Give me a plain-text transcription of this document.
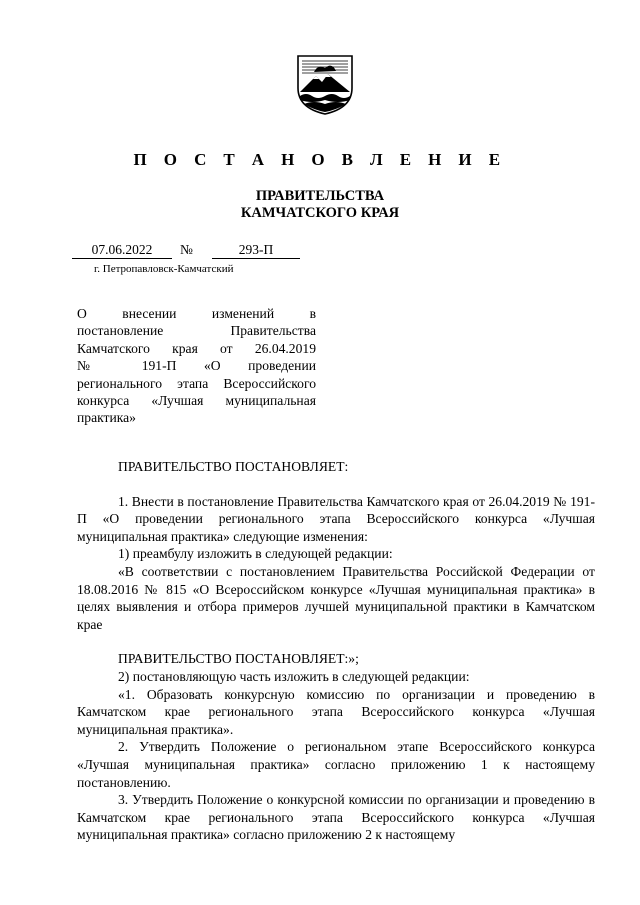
П О С Т А Н О В Л Е Н И Е
ПРАВИТЕЛЬСТВА
КАМЧАТСКОГО КРАЯ
07.06.2022	№	293-П
г. Петропавловск-Камчатский
О внесении изменений в
постановление Правительства
Камчатского края от 26.04.2019
№ 191-П «О проведении
регионального этапа Всероссийского
конкурса «Лучшая муниципальная
практика»

ПРАВИТЕЛЬСТВО ПОСТАНОВЛЯЕТ:

1. Внести в постановление Правительства Камчатского края от 26.04.2019 № 191-П «О проведении регионального этапа Всероссийского конкурса «Лучшая муниципальная практика» следующие изменения:

1) преамбулу изложить в следующей редакции:

«В соответствии с постановлением Правительства Российской Федерации от 18.08.2016 № 815 «О Всероссийском конкурсе «Лучшая муниципальная практика» в целях выявления и отбора примеров лучшей муниципальной практики в Камчатском крае

ПРАВИТЕЛЬСТВО ПОСТАНОВЛЯЕТ:»;

2) постановляющую часть изложить в следующей редакции:

«1. Образовать конкурсную комиссию по организации и проведению в Камчатском крае регионального этапа Всероссийского конкурса «Лучшая муниципальная практика».

2. Утвердить Положение о региональном этапе Всероссийского конкурса «Лучшая муниципальная практика» согласно приложению 1 к настоящему постановлению.

3. Утвердить Положение о конкурсной комиссии по организации и проведению в Камчатском крае регионального этапа Всероссийского конкурса «Лучшая муниципальная практика» согласно приложению 2 к настоящему
